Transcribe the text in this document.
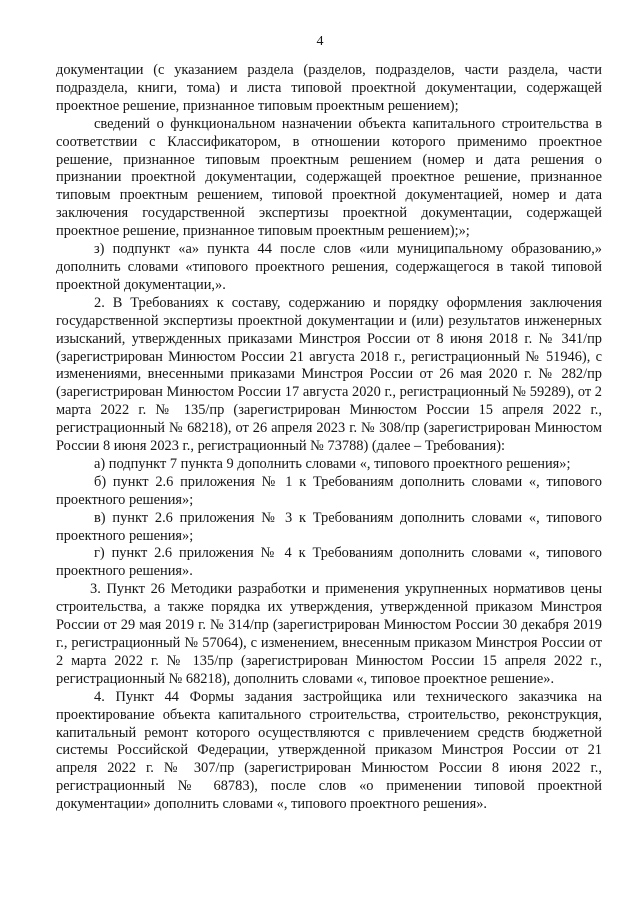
4

документации (с указанием раздела (разделов, подразделов, части раздела, части подраздела, книги, тома) и листа типовой проектной документации, содержащей проектное решение, признанное типовым проектным решением);

сведений о функциональном назначении объекта капитального строительства в соответствии с Классификатором, в отношении которого применимо проектное решение, признанное типовым проектным решением (номер и дата решения о признании проектной документации, содержащей проектное решение, признанное типовым проектным решением, типовой проектной документацией, номер и дата заключения государственной экспертизы проектной документации, содержащей проектное решение, признанное типовым проектным решением);»;

з) подпункт «а» пункта 44 после слов «или муниципальному образованию,» дополнить словами «типового проектного решения, содержащегося в такой типовой проектной документации,».

2. В Требованиях к составу, содержанию и порядку оформления заключения государственной экспертизы проектной документации и (или) результатов инженерных изысканий, утвержденных приказами Минстроя России от 8 июня 2018 г. № 341/пр (зарегистрирован Минюстом России 21 августа 2018 г., регистрационный № 51946), с изменениями, внесенными приказами Минстроя России от 26 мая 2020 г. № 282/пр (зарегистрирован Минюстом России 17 августа 2020 г., регистрационный № 59289), от 2 марта 2022 г. № 135/пр (зарегистрирован Минюстом России 15 апреля 2022 г., регистрационный № 68218), от 26 апреля 2023 г. № 308/пр (зарегистрирован Минюстом России 8 июня 2023 г., регистрационный № 73788) (далее – Требования):

а) подпункт 7 пункта 9 дополнить словами «, типового проектного решения»;

б) пункт 2.6 приложения № 1 к Требованиям дополнить словами «, типового проектного решения»;

в) пункт 2.6 приложения № 3 к Требованиям дополнить словами «, типового проектного решения»;

г) пункт 2.6 приложения № 4 к Требованиям дополнить словами «, типового проектного решения».

3. Пункт 26 Методики разработки и применения укрупненных нормативов цены строительства, а также порядка их утверждения, утвержденной приказом Минстроя России от 29 мая 2019 г. № 314/пр (зарегистрирован Минюстом России 30 декабря 2019 г., регистрационный № 57064), с изменением, внесенным приказом Минстроя России от 2 марта 2022 г. № 135/пр (зарегистрирован Минюстом России 15 апреля 2022 г., регистрационный № 68218), дополнить словами «, типовое проектное решение».

4. Пункт 44 Формы задания застройщика или технического заказчика на проектирование объекта капитального строительства, строительство, реконструкция, капитальный ремонт которого осуществляются с привлечением средств бюджетной системы Российской Федерации, утвержденной приказом Минстроя России от 21 апреля 2022 г. № 307/пр (зарегистрирован Минюстом России 8 июня 2022 г., регистрационный № 68783), после слов «о применении типовой проектной документации» дополнить словами «, типового проектного решения».
